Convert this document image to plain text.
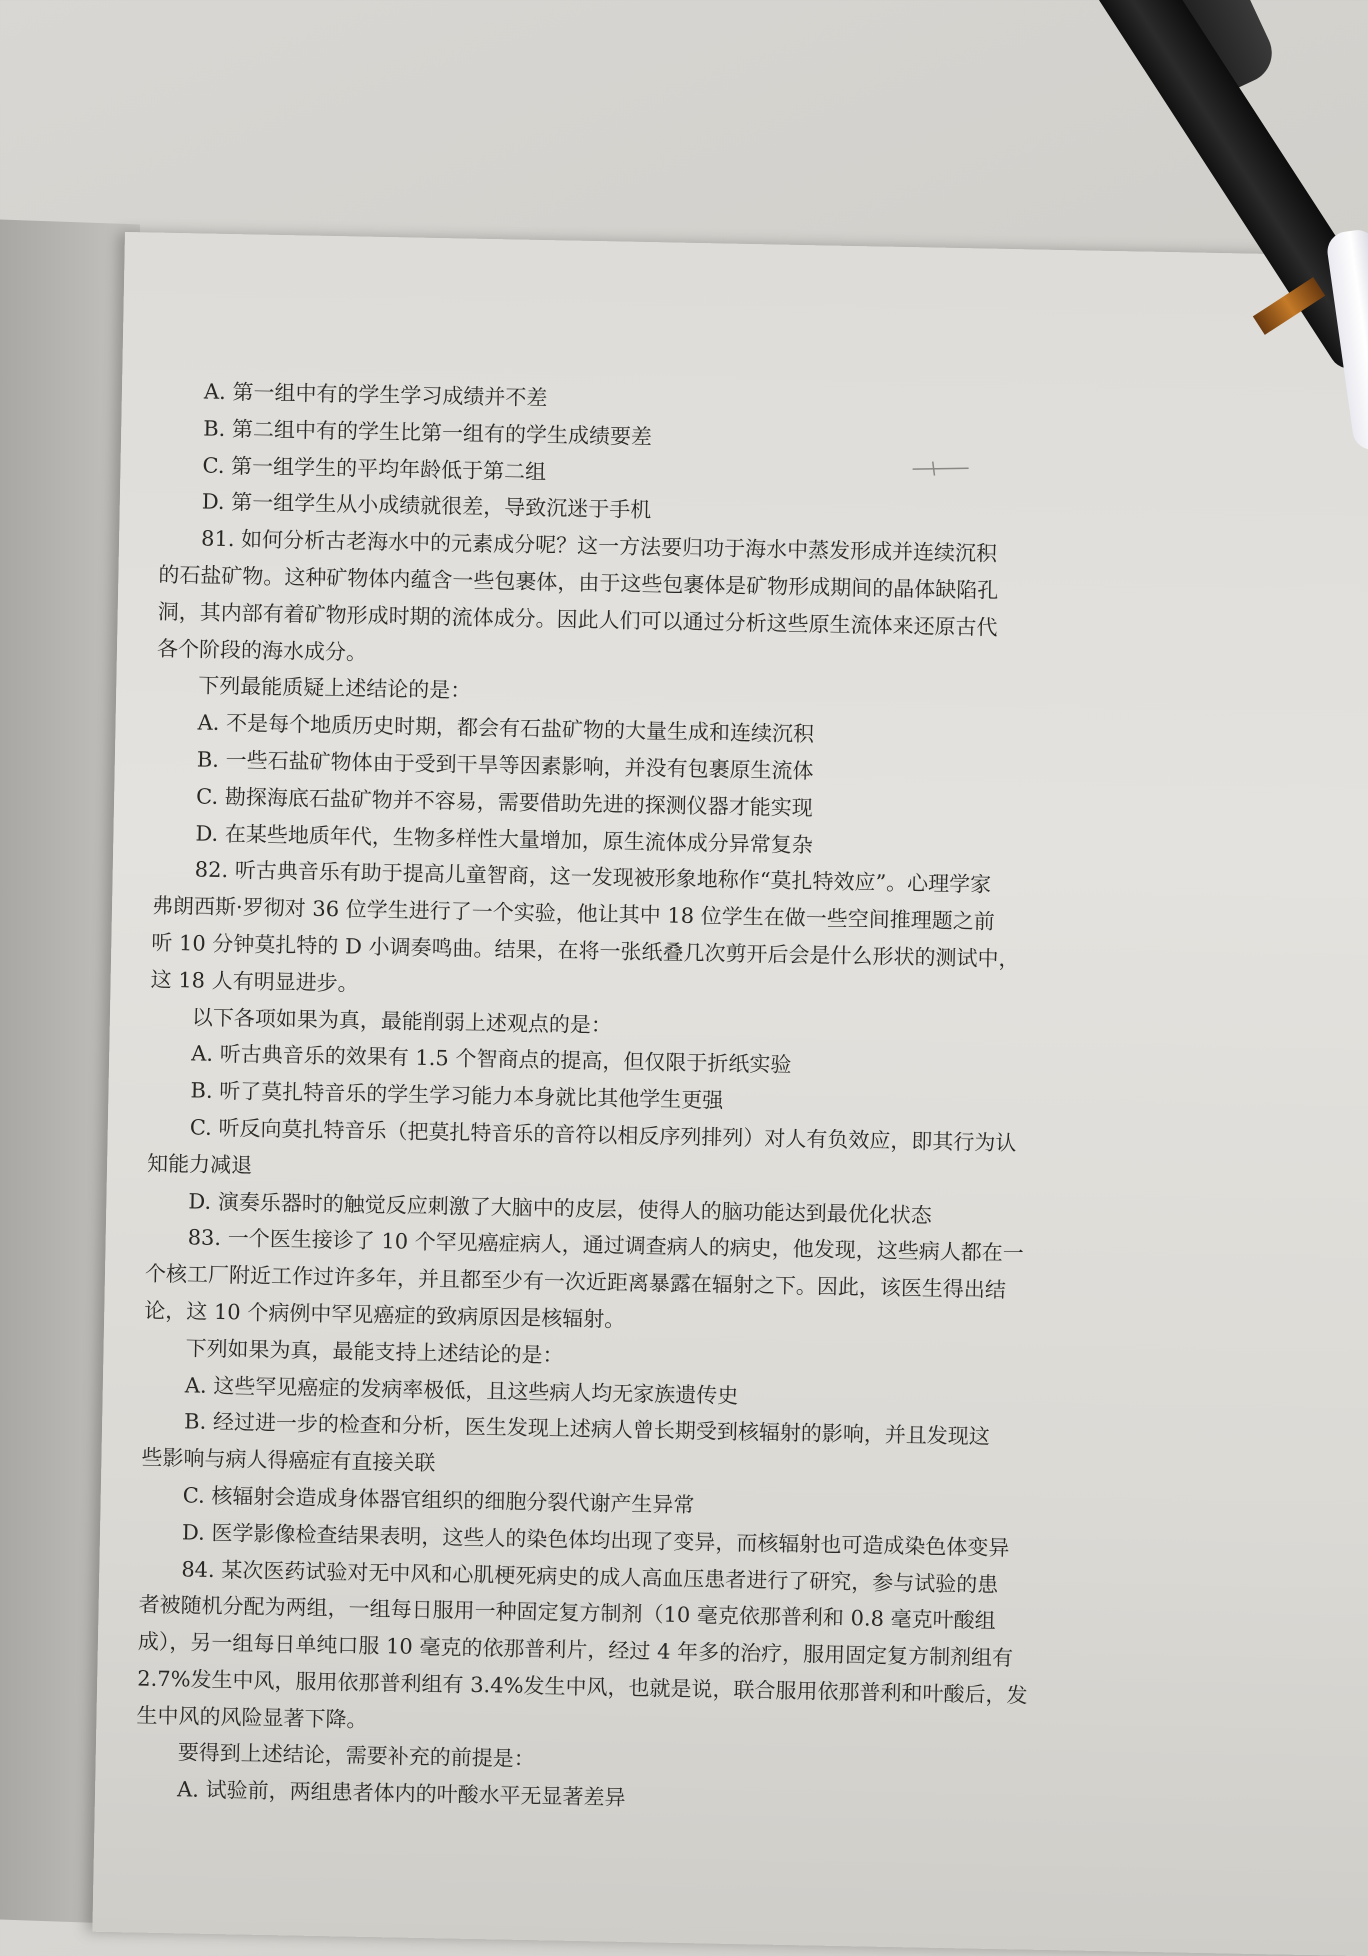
A. 第一组中有的学生学习成绩并不差
B. 第二组中有的学生比第一组有的学生成绩要差
C. 第一组学生的平均年龄低于第二组
D. 第一组学生从小成绩就很差，导致沉迷于手机
81. 如何分析古老海水中的元素成分呢？这一方法要归功于海水中蒸发形成并连续沉积
的石盐矿物。这种矿物体内蕴含一些包裹体，由于这些包裹体是矿物形成期间的晶体缺陷孔
洞，其内部有着矿物形成时期的流体成分。因此人们可以通过分析这些原生流体来还原古代
各个阶段的海水成分。
下列最能质疑上述结论的是：
A. 不是每个地质历史时期，都会有石盐矿物的大量生成和连续沉积
B. 一些石盐矿物体由于受到干旱等因素影响，并没有包裹原生流体
C. 勘探海底石盐矿物并不容易，需要借助先进的探测仪器才能实现
D. 在某些地质年代，生物多样性大量增加，原生流体成分异常复杂
82. 听古典音乐有助于提高儿童智商，这一发现被形象地称作“莫扎特效应”。心理学家
弗朗西斯·罗彻对 36 位学生进行了一个实验，他让其中 18 位学生在做一些空间推理题之前
听 10 分钟莫扎特的 D 小调奏鸣曲。结果，在将一张纸叠几次剪开后会是什么形状的测试中，
这 18 人有明显进步。
以下各项如果为真，最能削弱上述观点的是：
A. 听古典音乐的效果有 1.5 个智商点的提高，但仅限于折纸实验
B. 听了莫扎特音乐的学生学习能力本身就比其他学生更强
C. 听反向莫扎特音乐（把莫扎特音乐的音符以相反序列排列）对人有负效应，即其行为认
知能力减退
D. 演奏乐器时的触觉反应刺激了大脑中的皮层，使得人的脑功能达到最优化状态
83. 一个医生接诊了 10 个罕见癌症病人，通过调查病人的病史，他发现，这些病人都在一
个核工厂附近工作过许多年，并且都至少有一次近距离暴露在辐射之下。因此，该医生得出结
论，这 10 个病例中罕见癌症的致病原因是核辐射。
下列如果为真，最能支持上述结论的是：
A. 这些罕见癌症的发病率极低，且这些病人均无家族遗传史
B. 经过进一步的检查和分析，医生发现上述病人曾长期受到核辐射的影响，并且发现这
些影响与病人得癌症有直接关联
C. 核辐射会造成身体器官组织的细胞分裂代谢产生异常
D. 医学影像检查结果表明，这些人的染色体均出现了变异，而核辐射也可造成染色体变异
84. 某次医药试验对无中风和心肌梗死病史的成人高血压患者进行了研究，参与试验的患
者被随机分配为两组，一组每日服用一种固定复方制剂（10 毫克依那普利和 0.8 毫克叶酸组
成），另一组每日单纯口服 10 毫克的依那普利片，经过 4 年多的治疗，服用固定复方制剂组有
2.7%发生中风，服用依那普利组有 3.4%发生中风，也就是说，联合服用依那普利和叶酸后，发
生中风的风险显著下降。
要得到上述结论，需要补充的前提是：
A. 试验前，两组患者体内的叶酸水平无显著差异
